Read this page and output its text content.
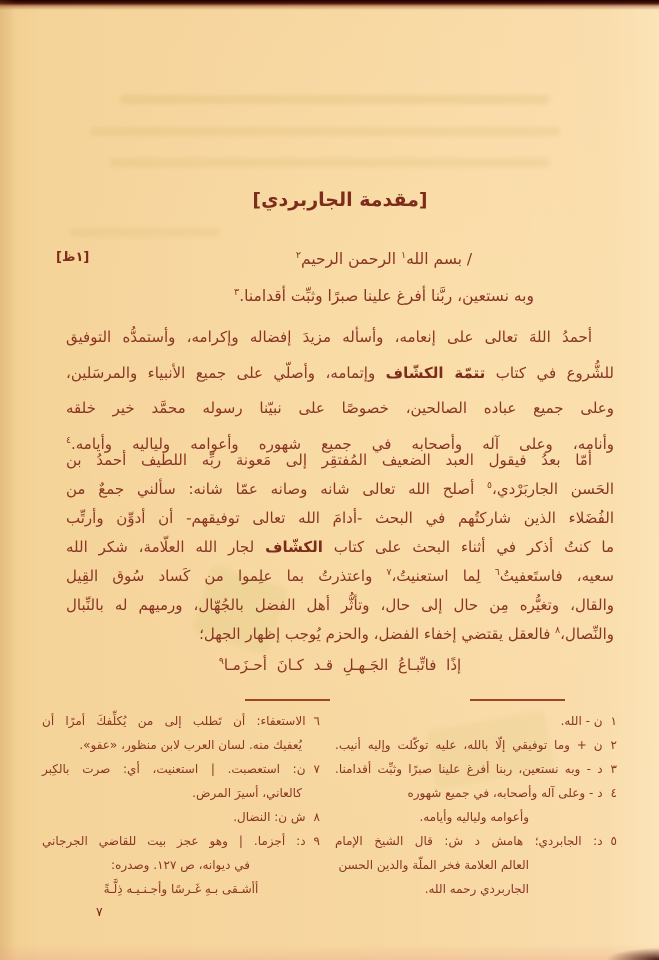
[١ظ]
[مقدمة الجاربردي]
/ بسم الله$^١$ الرحمن الرحيم$^٢$
وبه نستعين، ربَّنا أفرغ علينا صبرًا وثبِّت أقدامنا.$^٣$
أحمدُ اللهَ تعالى على إنعامه، وأسأله مزيدَ إفضاله وإكرامه، وأستمدُّه التوفيق
للشُّروع في كتاب تتمّة الكشّاف وإتمامه، وأصلّي على جميع الأنبياء والمرسَلين،
وعلى جميع عباده الصالحين، خصوصًا على نبيّنا رسوله محمَّد خير خلقه
وأنامه، وعلى آله وأصحابه في جميع شهوره وأعوامه ولياليه وأيامه.$^٤$
أمّا بعدُ فيقول العبد الضعيف المُفتقِر إلى مَعونة ربِّه اللطيف أحمدُ بن
الحَسن الجاربَرْدي،$^٥$ أصلح الله تعالى شانه وصانه عمّا شانه: سألني جمعٌ من
الفُضَلاء الذين شاركتُهم في البحث -أدامَ الله تعالى توفيقهم- أن أدوِّن وأرتِّب
ما كنتُ أذكر في أثناء البحث على كتاب الكشّاف لجار الله العلّامة، شكر الله
سعيه، فاستَعفيتُ$^٦$ لِما استعنيتُ،$^٧$ واعتذرتُ بما علِموا من كَساد سُوق القِيل
والقال، وتغيُّره مِن حال إلى حال، وتأثُّر أهل الفضل بالجُهّال، ورميهم له بالنِّبال
والنِّصال،$^٨$ فالعقل يقتضي إخفاء الفضل، والحزم يُوجب إظهار الجهل؛
إذًا فاتِّبـاعُ الجَـهـلِ قـد كـانَ أحـزَمـا$^٩$
١ن - الله.
٢ن + وما توفيقي إلّا بالله، عليه توكّلت وإليه أنيب.
٣د - وبه نستعين، ربنا أفرغ علينا صبرًا وثبِّت أقدامنا.
٤د - وعلى آله وأصحابه، في جميع شهوره
وأعوامه ولياليه وأيامه.
٥د: الجابردي؛ هامش د ش: قال الشيخ الإمام
العالم العلامة فخر الملّة والدين الحسن
الجاربردي رحمه الله.
٦الاستعفاء: أن تَطلب إلى من يُكلِّفكَ أمرًا أن
يُعفيك منه. لسان العرب لابن منظور، «عفو».
٧ن: استعصبت. | استعنيت، أي: صرت بالكِبر
كالعاني، أسيرَ المرض.
٨ش ن: النضال.
٩د: أجزما. | وهو عجز بيت للقاضي الجرجاني
في ديوانه، ص ١٢٧. وصدره:
أأشـقى بـهِ غَـرسًا وأجـنـيـه ذِلَّـةً
٧
